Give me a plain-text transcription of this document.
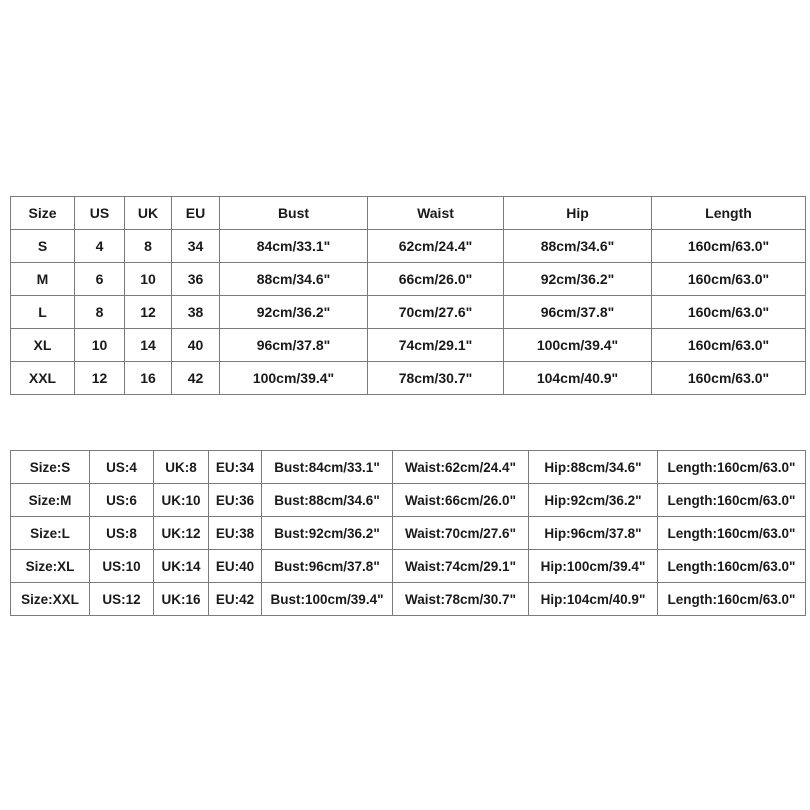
Size	US	UK	EU	Bust	Waist	Hip	Length
S	4	8	34	84cm/33.1"	62cm/24.4"	88cm/34.6"	160cm/63.0"
M	6	10	36	88cm/34.6"	66cm/26.0"	92cm/36.2"	160cm/63.0"
L	8	12	38	92cm/36.2"	70cm/27.6"	96cm/37.8"	160cm/63.0"
XL	10	14	40	96cm/37.8"	74cm/29.1"	100cm/39.4"	160cm/63.0"
XXL	12	16	42	100cm/39.4"	78cm/30.7"	104cm/40.9"	160cm/63.0"
Size:S	US:4	UK:8	EU:34	Bust:84cm/33.1"	Waist:62cm/24.4"	Hip:88cm/34.6"	Length:160cm/63.0"
Size:M	US:6	UK:10	EU:36	Bust:88cm/34.6"	Waist:66cm/26.0"	Hip:92cm/36.2"	Length:160cm/63.0"
Size:L	US:8	UK:12	EU:38	Bust:92cm/36.2"	Waist:70cm/27.6"	Hip:96cm/37.8"	Length:160cm/63.0"
Size:XL	US:10	UK:14	EU:40	Bust:96cm/37.8"	Waist:74cm/29.1"	Hip:100cm/39.4"	Length:160cm/63.0"
Size:XXL	US:12	UK:16	EU:42	Bust:100cm/39.4"	Waist:78cm/30.7"	Hip:104cm/40.9"	Length:160cm/63.0"
